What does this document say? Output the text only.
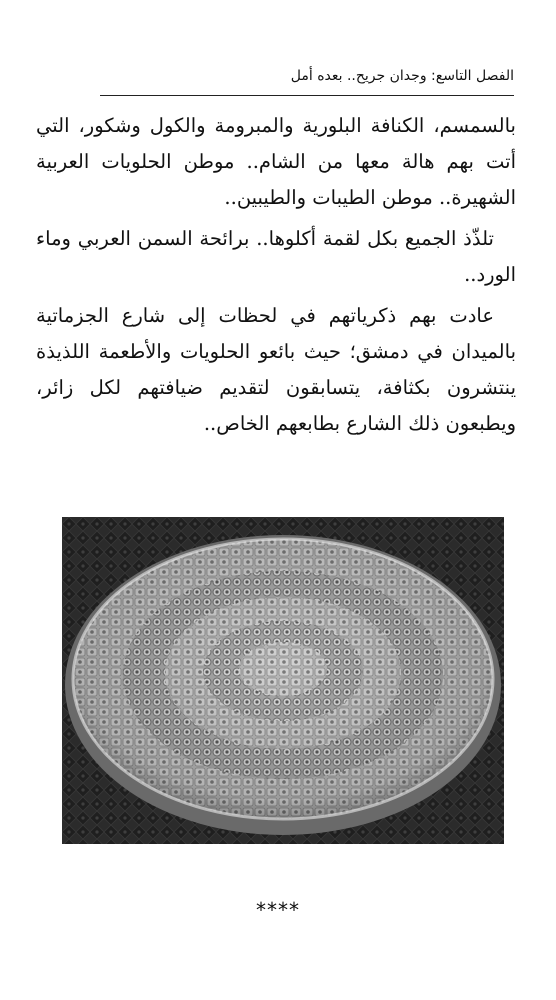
الفصل التاسع: وجدان جريح.. بعده أمل

بالسمسم، الكنافة البلورية والمبرومة والكول وشكور، التي أتت بهم هالة معها من الشام.. موطن الحلويات العربية الشهيرة.. موطن الطيبات والطيبين..

تلذّذ الجميع بكل لقمة أكلوها.. برائحة السمن العربي وماء الورد..

عادت بهم ذكرياتهم في لحظات إلى شارع الجزماتية بالميدان في دمشق؛ حيث بائعو الحلويات والأطعمة اللذيذة ينتشرون بكثافة، يتسابقون لتقديم ضيافتهم لكل زائر، ويطبعون ذلك الشارع بطابعهم الخاص..

****
